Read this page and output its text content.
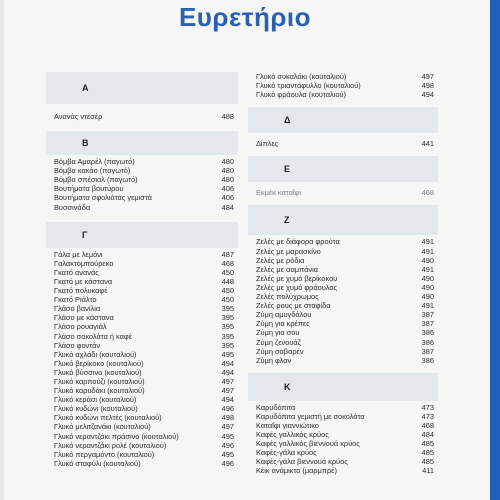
Ευρετήριο
A
Ανανάς ντεσέρ	488
B
Βόμβα Αμαρέλ (παγωτό)	480
Βόμβα κακάο (παγωτό)	480
Βόμβα σπέσιαλ (παγωτό)	480
Βουτήματα βουτύρου	406
Βουτήματα σφολιάτας γεμιστά	406
Βυσσινάδα	484
Γ
Γάλα με λεμόνι	487
Γαλακτομπούρεκο	468
Γκατό ανανάς	450
Γκατό με κάστανα	448
Γκατό πολυκαφέ	450
Γκατό Ριάλτο	450
Γλάσο βανίλια	395
Γλάσο με κάστανα	395
Γλάσο ρουαγιάλ	395
Γλάσο σοκολάτα ή καφέ	395
Γλάσο φοντάν	395
Γλυκό αχλάδι (κουταλιού)	495
Γλυκό βερίκοκο (κουταλιού)	494
Γλυκό βύσσινο (κουταλιού)	494
Γλυκό καρπούζι (κουταλιού)	497
Γλυκό καρυδάκι (κουταλιού)	497
Γλυκό κεράσι (κουταλιού)	494
Γλυκό κυδώνι (κουταλιού)	496
Γλυκό κυδώνι πελτές (κουταλιού)	498
Γλυκό μελιτζανάκι (κουταλιού)	497
Γλυκό νεραντζάκι πράσινο (κουταλιού)	495
Γλυκό νεραντζάκι ρολέ (κουταλιού)	496
Γλυκό περγαμόντο (κουταλιού)	495
Γλυκό σταφύλι (κουταλιού)	496
Γλυκό συκαλάκι (κουταλιού)	497
Γλυκό τριαντάφυλλο (κουταλιού)	498
Γλυκό φράουλα (κουταλιού)	494
Δ
Δίπλες	441
E
Εκμέκ καταΐφι	468
Z
Ζελές με διάφορα φρούτα	491
Ζελές με μαρασκίνο	491
Ζελές με ρόδια	490
Ζελές με σαμπάνια	491
Ζελές με χυμό βερίκοκου	490
Ζελές με χυμό φράουλας	490
Ζελές πολύχρωμος	490
Ζελές ρους με σταφίδα	491
Ζύμη αμυγδάλου	387
Ζύμη για κρέπες	387
Ζύμη για σου	386
Ζύμη ζενουάζ	386
Ζύμη σαβαρέν	387
Ζύμη φλαν	386
K
Καρυδόπιτα	473
Καρυδόπιτα γεμιστή με σοκολάτα	473
Καταΐφι γιαννιώτικο	468
Καφές γαλλικός κρύος	484
Καφές γαλλικός βιεννουά κρύος	485
Καφές-γάλα κρύος	485
Καφές-γάλα βιεννουά κρύος	485
Κέικ ανάμικτο (μαρμπρέ)	411
